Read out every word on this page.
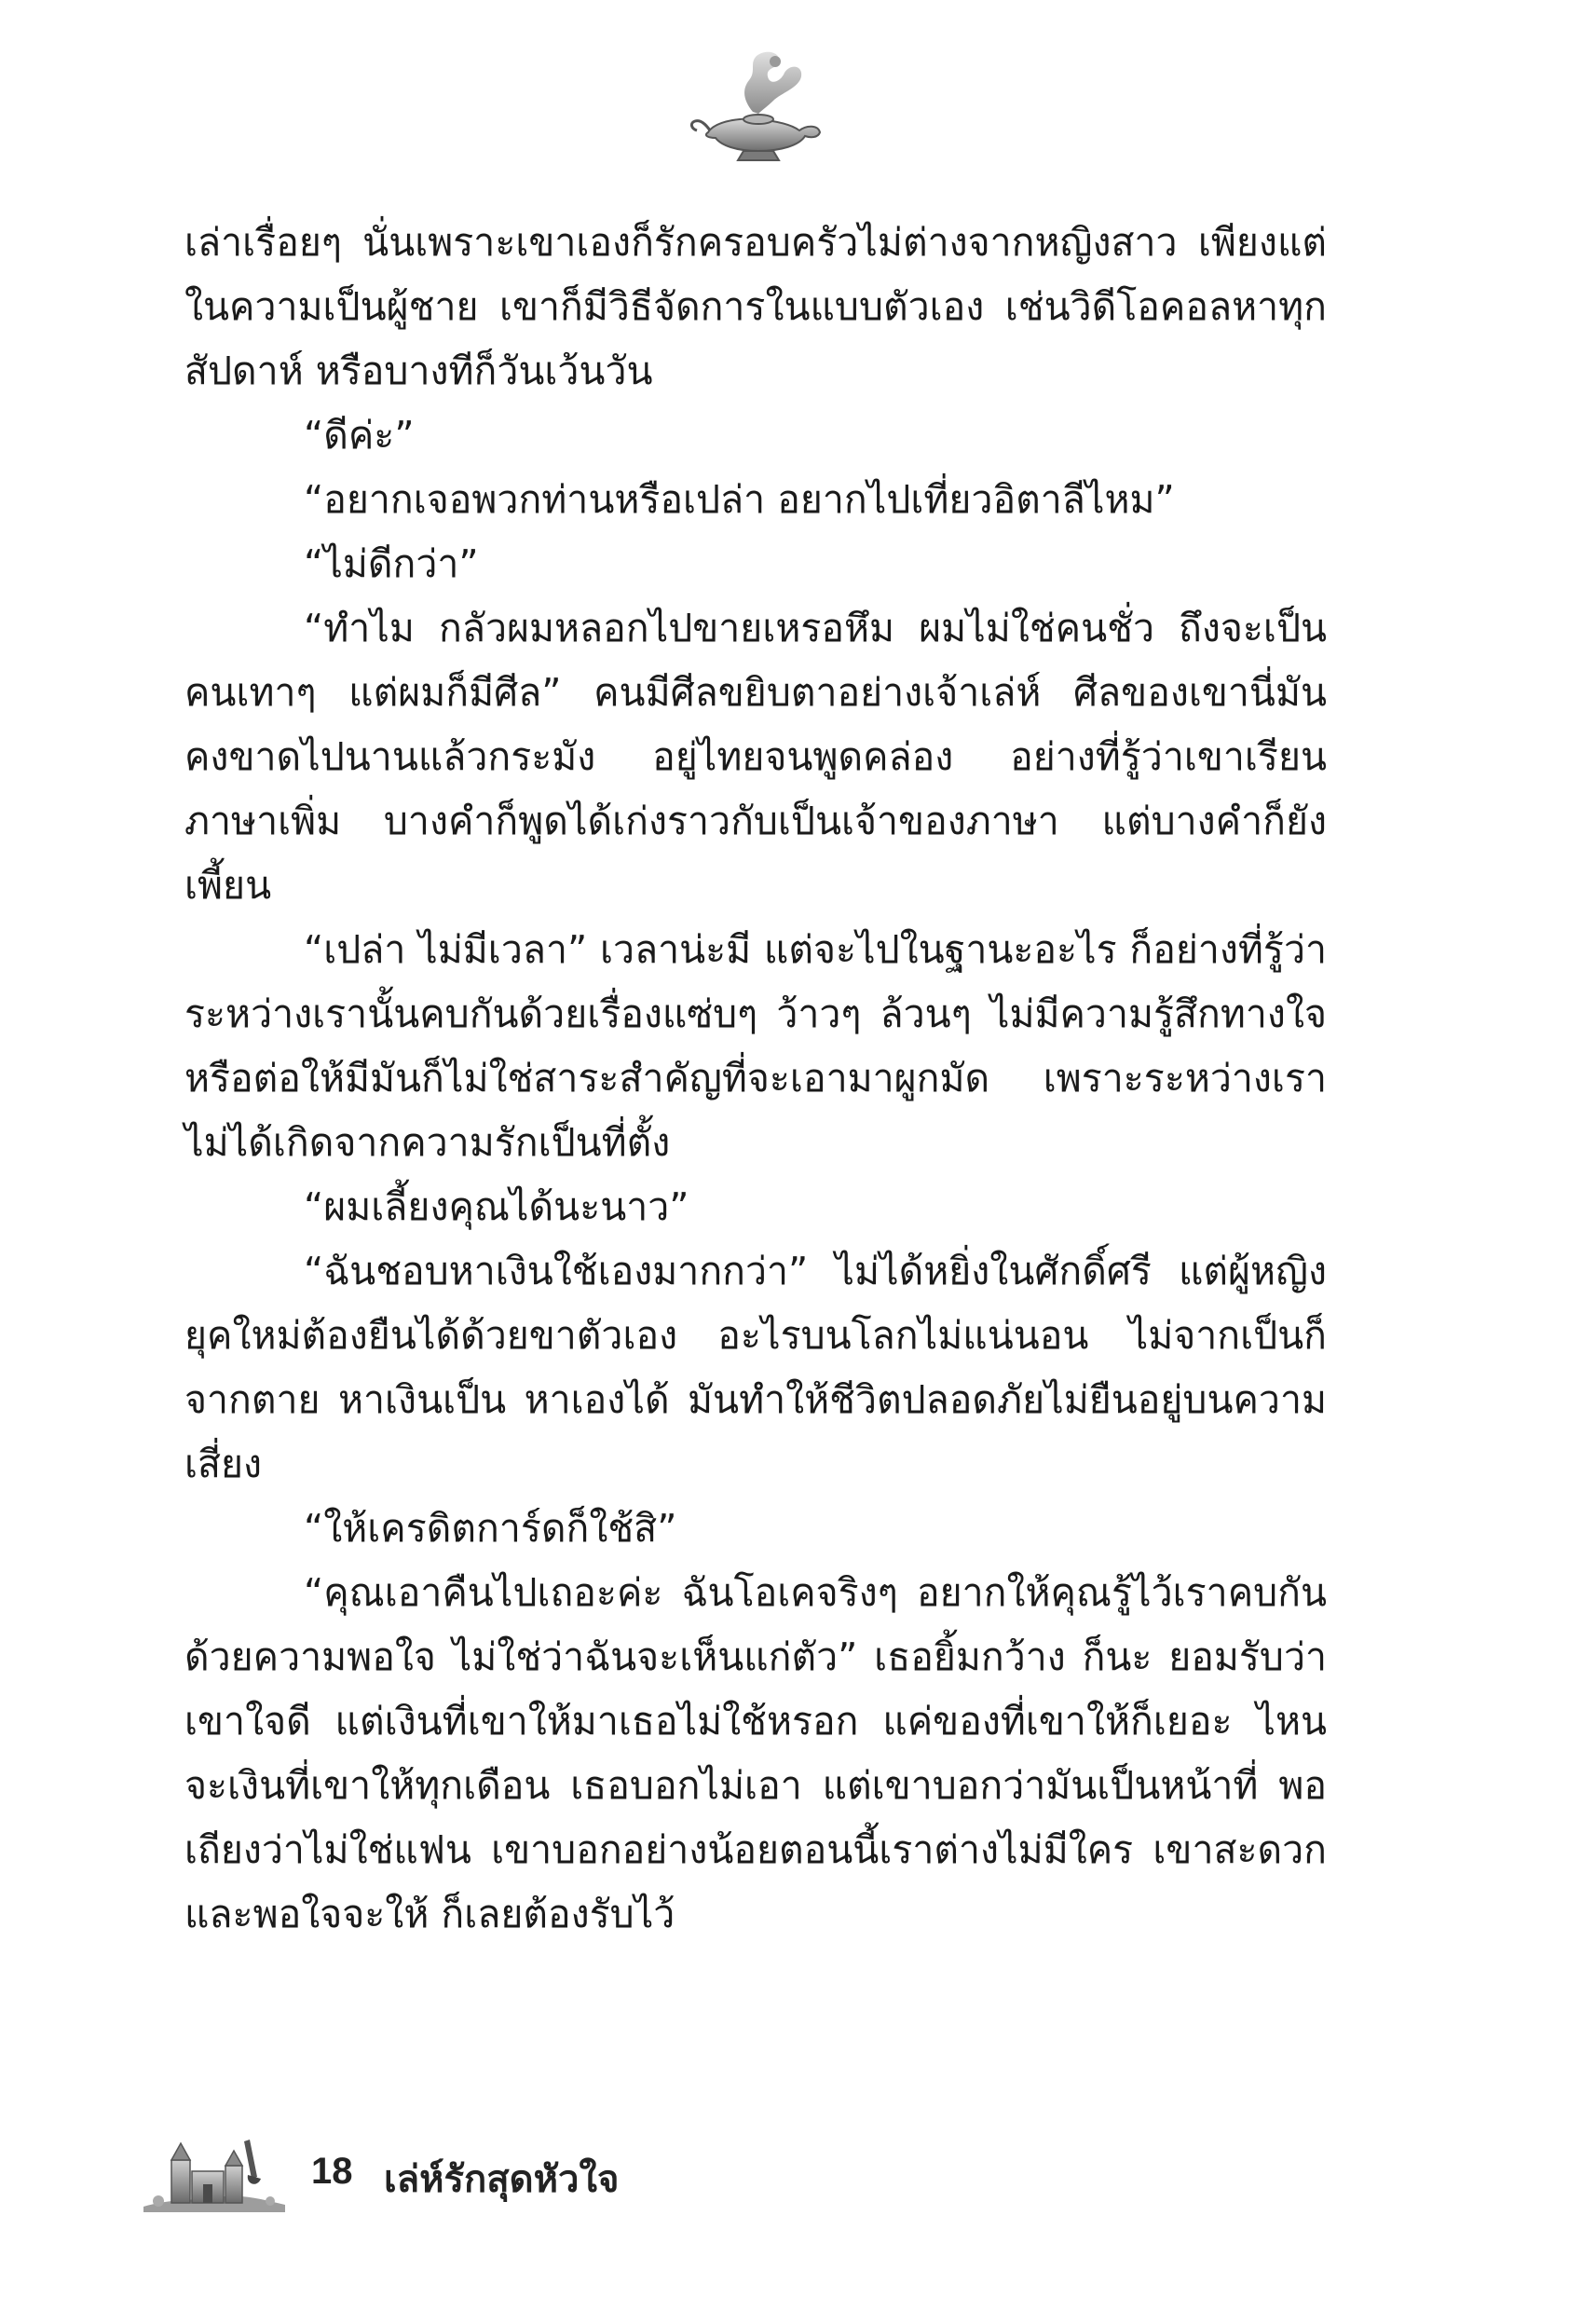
เล่าเรื่อยๆ นั่นเพราะเขาเองก็รักครอบครัวไม่ต่างจากหญิงสาว เพียงแต่ในความเป็นผู้ชาย เขาก็มีวิธีจัดการในแบบตัวเอง เช่นวิดีโอคอลหาทุกสัปดาห์ หรือบางทีก็วันเว้นวัน

“ดีค่ะ”

“อยากเจอพวกท่านหรือเปล่า อยากไปเที่ยวอิตาลีไหม”

“ไม่ดีกว่า”

“ทำไม กลัวผมหลอกไปขายเหรอหึม ผมไม่ใช่คนชั่ว ถึงจะเป็นคนเทาๆ แต่ผมก็มีศีล” คนมีศีลขยิบตาอย่างเจ้าเล่ห์ ศีลของเขานี่มันคงขาดไปนานแล้วกระมัง อยู่ไทยจนพูดคล่อง อย่างที่รู้ว่าเขาเรียนภาษาเพิ่ม บางคำก็พูดได้เก่งราวกับเป็นเจ้าของภาษา แต่บางคำก็ยังเพี้ยน

“เปล่า ไม่มีเวลา” เวลาน่ะมี แต่จะไปในฐานะอะไร ก็อย่างที่รู้ว่าระหว่างเรานั้นคบกันด้วยเรื่องแซ่บๆ ว้าวๆ ล้วนๆ ไม่มีความรู้สึกทางใจหรือต่อให้มีมันก็ไม่ใช่สาระสำคัญที่จะเอามาผูกมัด เพราะระหว่างเราไม่ได้เกิดจากความรักเป็นที่ตั้ง

“ผมเลี้ยงคุณได้นะนาว”

“ฉันชอบหาเงินใช้เองมากกว่า” ไม่ได้หยิ่งในศักดิ์ศรี แต่ผู้หญิงยุคใหม่ต้องยืนได้ด้วยขาตัวเอง อะไรบนโลกไม่แน่นอน ไม่จากเป็นก็จากตาย หาเงินเป็น หาเองได้ มันทำให้ชีวิตปลอดภัยไม่ยืนอยู่บนความเสี่ยง

“ให้เครดิตการ์ดก็ใช้สิ”

“คุณเอาคืนไปเถอะค่ะ ฉันโอเคจริงๆ อยากให้คุณรู้ไว้เราคบกันด้วยความพอใจ ไม่ใช่ว่าฉันจะเห็นแก่ตัว” เธอยิ้มกว้าง ก็นะ ยอมรับว่าเขาใจดี แต่เงินที่เขาให้มาเธอไม่ใช้หรอก แค่ของที่เขาให้ก็เยอะ ไหนจะเงินที่เขาให้ทุกเดือน เธอบอกไม่เอา แต่เขาบอกว่ามันเป็นหน้าที่ พอเถียงว่าไม่ใช่แฟน เขาบอกอย่างน้อยตอนนี้เราต่างไม่มีใคร เขาสะดวกและพอใจจะให้ ก็เลยต้องรับไว้

18 เล่ห์รักสุดหัวใจ
